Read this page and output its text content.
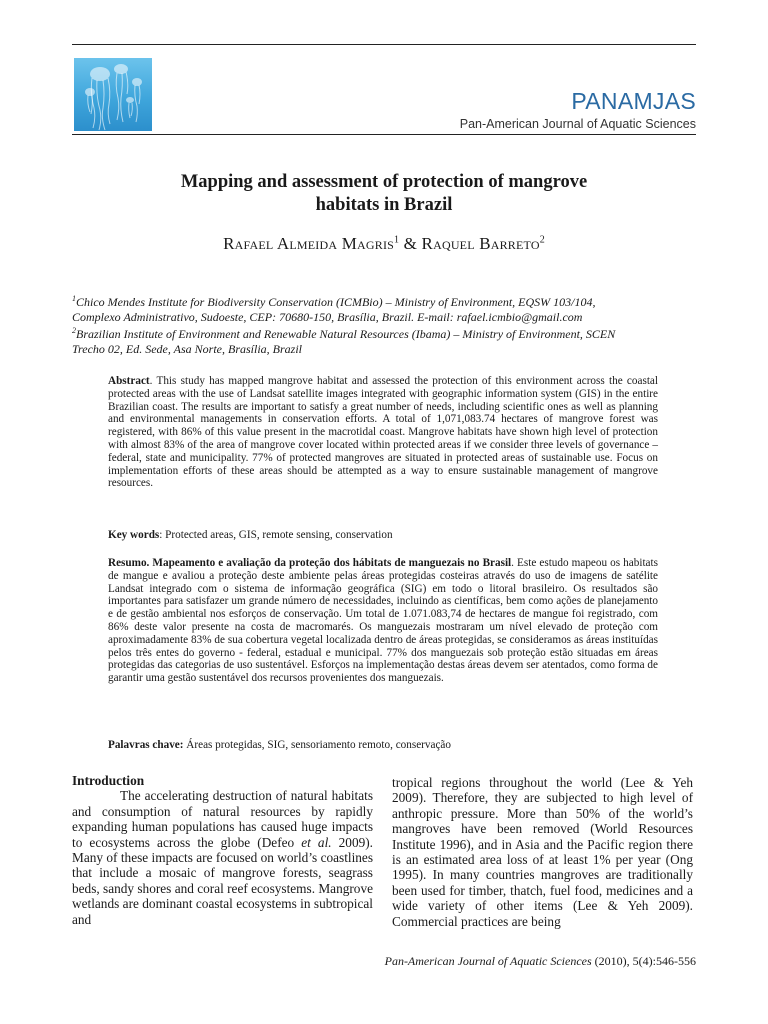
PANAMJAS
Pan-American Journal of Aquatic Sciences
Mapping and assessment of protection of mangrove
habitats in Brazil
Rafael Almeida Magris$^1$ & Raquel Barreto$^2$
$^1$Chico Mendes Institute for Biodiversity Conservation (ICMBio) – Ministry of Environment, EQSW 103/104,
Complexo Administrativo, Sudoeste, CEP: 70680-150, Brasília, Brazil. E-mail: rafael.icmbio@gmail.com
$^2$Brazilian Institute of Environment and Renewable Natural Resources (Ibama) – Ministry of Environment, SCEN
Trecho 02, Ed. Sede, Asa Norte, Brasília, Brazil
Abstract. This study has mapped mangrove habitat and assessed the protection of this environment across the coastal protected areas with the use of Landsat satellite images integrated with geographic information system (GIS) in the entire Brazilian coast. The results are important to satisfy a great number of needs, including scientific ones as well as planning and environmental managements in conservation efforts. A total of 1,071,083.74 hectares of mangrove forest was registered, with 86% of this value present in the macrotidal coast. Mangrove habitats have shown high level of protection with almost 83% of the area of mangrove cover located within protected areas if we consider three levels of governance – federal, state and municipality. 77% of protected mangroves are situated in protected areas of sustainable use. Focus on implementation efforts of these areas should be attempted as a way to ensure sustainable management of mangrove resources.
Key words: Protected areas, GIS, remote sensing, conservation
Resumo. Mapeamento e avaliação da proteção dos hábitats de manguezais no Brasil. Este estudo mapeou os habitats de mangue e avaliou a proteção deste ambiente pelas áreas protegidas costeiras através do uso de imagens de satélite Landsat integrado com o sistema de informação geográfica (SIG) em todo o litoral brasileiro. Os resultados são importantes para satisfazer um grande número de necessidades, incluindo as científicas, bem como ações de planejamento e de gestão ambiental nos esforços de conservação. Um total de 1.071.083,74 de hectares de mangue foi registrado, com 86% deste valor presente na costa de macromarés. Os manguezais mostraram um nível elevado de proteção com aproximadamente 83% de sua cobertura vegetal localizada dentro de áreas protegidas, se consideramos as áreas instituídas pelos três entes do governo - federal, estadual e municipal. 77% dos manguezais sob proteção estão situadas em áreas protegidas das categorias de uso sustentável. Esforços na implementação destas áreas devem ser atentados, como forma de garantir uma gestão sustentável dos recursos provenientes dos manguezais.
Palavras chave: Áreas protegidas, SIG, sensoriamento remoto, conservação
Introduction
The accelerating destruction of natural habitats and consumption of natural resources by rapidly expanding human populations has caused huge impacts to ecosystems across the globe (Defeo et al. 2009). Many of these impacts are focused on world’s coastlines that include a mosaic of mangrove forests, seagrass beds, sandy shores and coral reef ecosystems. Mangrove wetlands are dominant coastal ecosystems in subtropical and
tropical regions throughout the world (Lee & Yeh 2009). Therefore, they are subjected to high level of anthropic pressure. More than 50% of the world’s mangroves have been removed (World Resources Institute 1996), and in Asia and the Pacific region there is an estimated area loss of at least 1% per year (Ong 1995). In many countries mangroves are traditionally been used for timber, thatch, fuel food, medicines and a wide variety of other items (Lee & Yeh 2009). Commercial practices are being
Pan-American Journal of Aquatic Sciences (2010), 5(4):546-556
